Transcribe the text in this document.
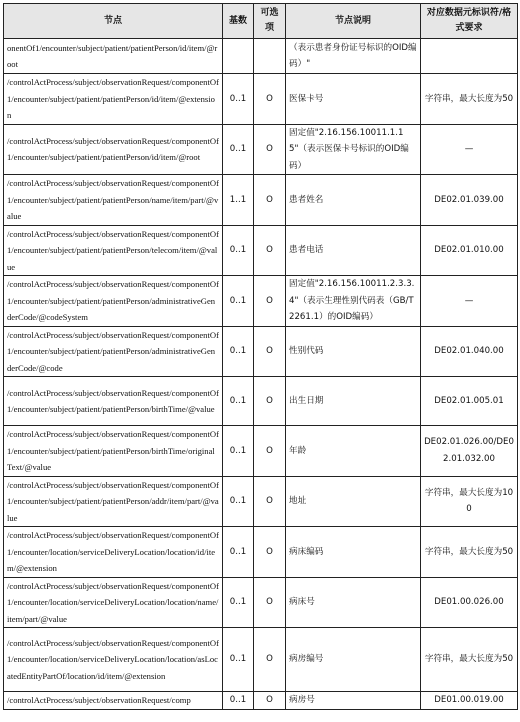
节点	基数	可选项	节点说明	对应数据元标识符/格式要求
onentOf1/encounter/subject/patient/patientPerson/id/item/@root			（表示患者身份证号标识的OID编码）"	
/controlActProcess/subject/observationRequest/componentOf1/encounter/subject/patient/patientPerson/id/item/@extension	0..1	O	医保卡号	字符串，最大长度为50
/controlActProcess/subject/observationRequest/componentOf1/encounter/subject/patient/patientPerson/id/item/@root	0..1	O	固定值"2.16.156.10011.1.15"（表示医保卡号标识的OID编码）	—
/controlActProcess/subject/observationRequest/componentOf1/encounter/subject/patient/patientPerson/name/item/part/@value	1..1	O	患者姓名	DE02.01.039.00
/controlActProcess/subject/observationRequest/componentOf1/encounter/subject/patient/patientPerson/telecom/item/@value	0..1	O	患者电话	DE02.01.010.00
/controlActProcess/subject/observationRequest/componentOf1/encounter/subject/patient/patientPerson/administrativeGenderCode/@codeSystem	0..1	O	固定值"2.16.156.10011.2.3.3.4"（表示生理性别代码表（GB/T 2261.1）的OID编码）	—
/controlActProcess/subject/observationRequest/componentOf1/encounter/subject/patient/patientPerson/administrativeGenderCode/@code	0..1	O	性别代码	DE02.01.040.00
/controlActProcess/subject/observationRequest/componentOf1/encounter/subject/patient/patientPerson/birthTime/@value	0..1	O	出生日期	DE02.01.005.01
/controlActProcess/subject/observationRequest/componentOf1/encounter/subject/patient/patientPerson/birthTime/originalText/@value	0..1	O	年龄	DE02.01.026.00/DE02.01.032.00
/controlActProcess/subject/observationRequest/componentOf1/encounter/subject/patient/patientPerson/addr/item/part/@value	0..1	O	地址	字符串，最大长度为100
/controlActProcess/subject/observationRequest/componentOf1/encounter/location/serviceDeliveryLocation/location/id/item/@extension	0..1	O	病床编码	字符串，最大长度为50
/controlActProcess/subject/observationRequest/componentOf1/encounter/location/serviceDeliveryLocation/location/name/item/part/@value	0..1	O	病床号	DE01.00.026.00
/controlActProcess/subject/observationRequest/componentOf1/encounter/location/serviceDeliveryLocation/location/asLocatedEntityPartOf/location/id/item/@extension	0..1	O	病房编号	字符串，最大长度为50
/controlActProcess/subject/observationRequest/comp	0..1	O	病房号	DE01.00.019.00
